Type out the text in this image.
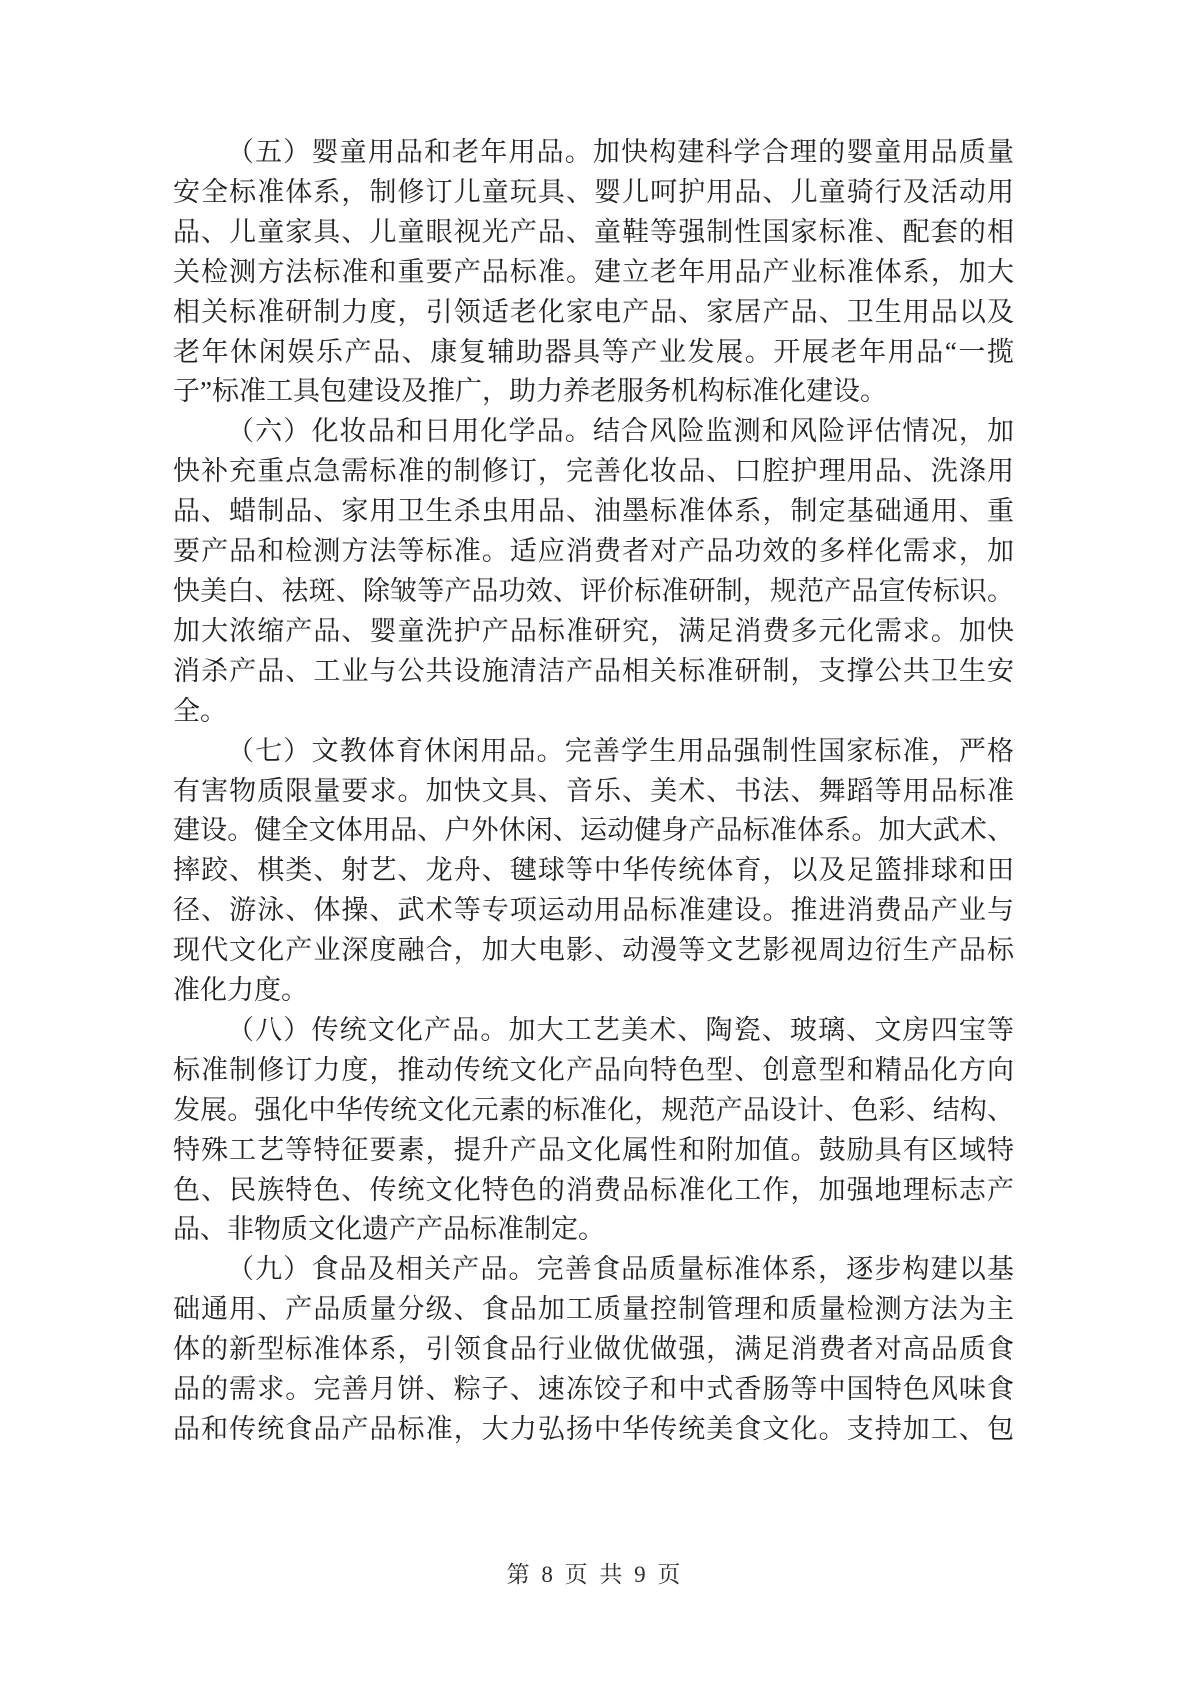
（五）婴童用品和老年用品。加快构建科学合理的婴童用品质量
安全标准体系，制修订儿童玩具、婴儿呵护用品、儿童骑行及活动用
品、儿童家具、儿童眼视光产品、童鞋等强制性国家标准、配套的相
关检测方法标准和重要产品标准。建立老年用品产业标准体系，加大
相关标准研制力度，引领适老化家电产品、家居产品、卫生用品以及
老年休闲娱乐产品、康复辅助器具等产业发展。开展老年用品“一揽
子”标准工具包建设及推广，助力养老服务机构标准化建设。
（六）化妆品和日用化学品。结合风险监测和风险评估情况，加
快补充重点急需标准的制修订，完善化妆品、口腔护理用品、洗涤用
品、蜡制品、家用卫生杀虫用品、油墨标准体系，制定基础通用、重
要产品和检测方法等标准。适应消费者对产品功效的多样化需求，加
快美白、祛斑、除皱等产品功效、评价标准研制，规范产品宣传标识。
加大浓缩产品、婴童洗护产品标准研究，满足消费多元化需求。加快
消杀产品、工业与公共设施清洁产品相关标准研制，支撑公共卫生安
全。
（七）文教体育休闲用品。完善学生用品强制性国家标准，严格
有害物质限量要求。加快文具、音乐、美术、书法、舞蹈等用品标准
建设。健全文体用品、户外休闲、运动健身产品标准体系。加大武术、
摔跤、棋类、射艺、龙舟、毽球等中华传统体育，以及足篮排球和田
径、游泳、体操、武术等专项运动用品标准建设。推进消费品产业与
现代文化产业深度融合，加大电影、动漫等文艺影视周边衍生产品标
准化力度。
（八）传统文化产品。加大工艺美术、陶瓷、玻璃、文房四宝等
标准制修订力度，推动传统文化产品向特色型、创意型和精品化方向
发展。强化中华传统文化元素的标准化，规范产品设计、色彩、结构、
特殊工艺等特征要素，提升产品文化属性和附加值。鼓励具有区域特
色、民族特色、传统文化特色的消费品标准化工作，加强地理标志产
品、非物质文化遗产产品标准制定。
（九）食品及相关产品。完善食品质量标准体系，逐步构建以基
础通用、产品质量分级、食品加工质量控制管理和质量检测方法为主
体的新型标准体系，引领食品行业做优做强，满足消费者对高品质食
品的需求。完善月饼、粽子、速冻饺子和中式香肠等中国特色风味食
品和传统食品产品标准，大力弘扬中华传统美食文化。支持加工、包
第 8 页 共 9 页
